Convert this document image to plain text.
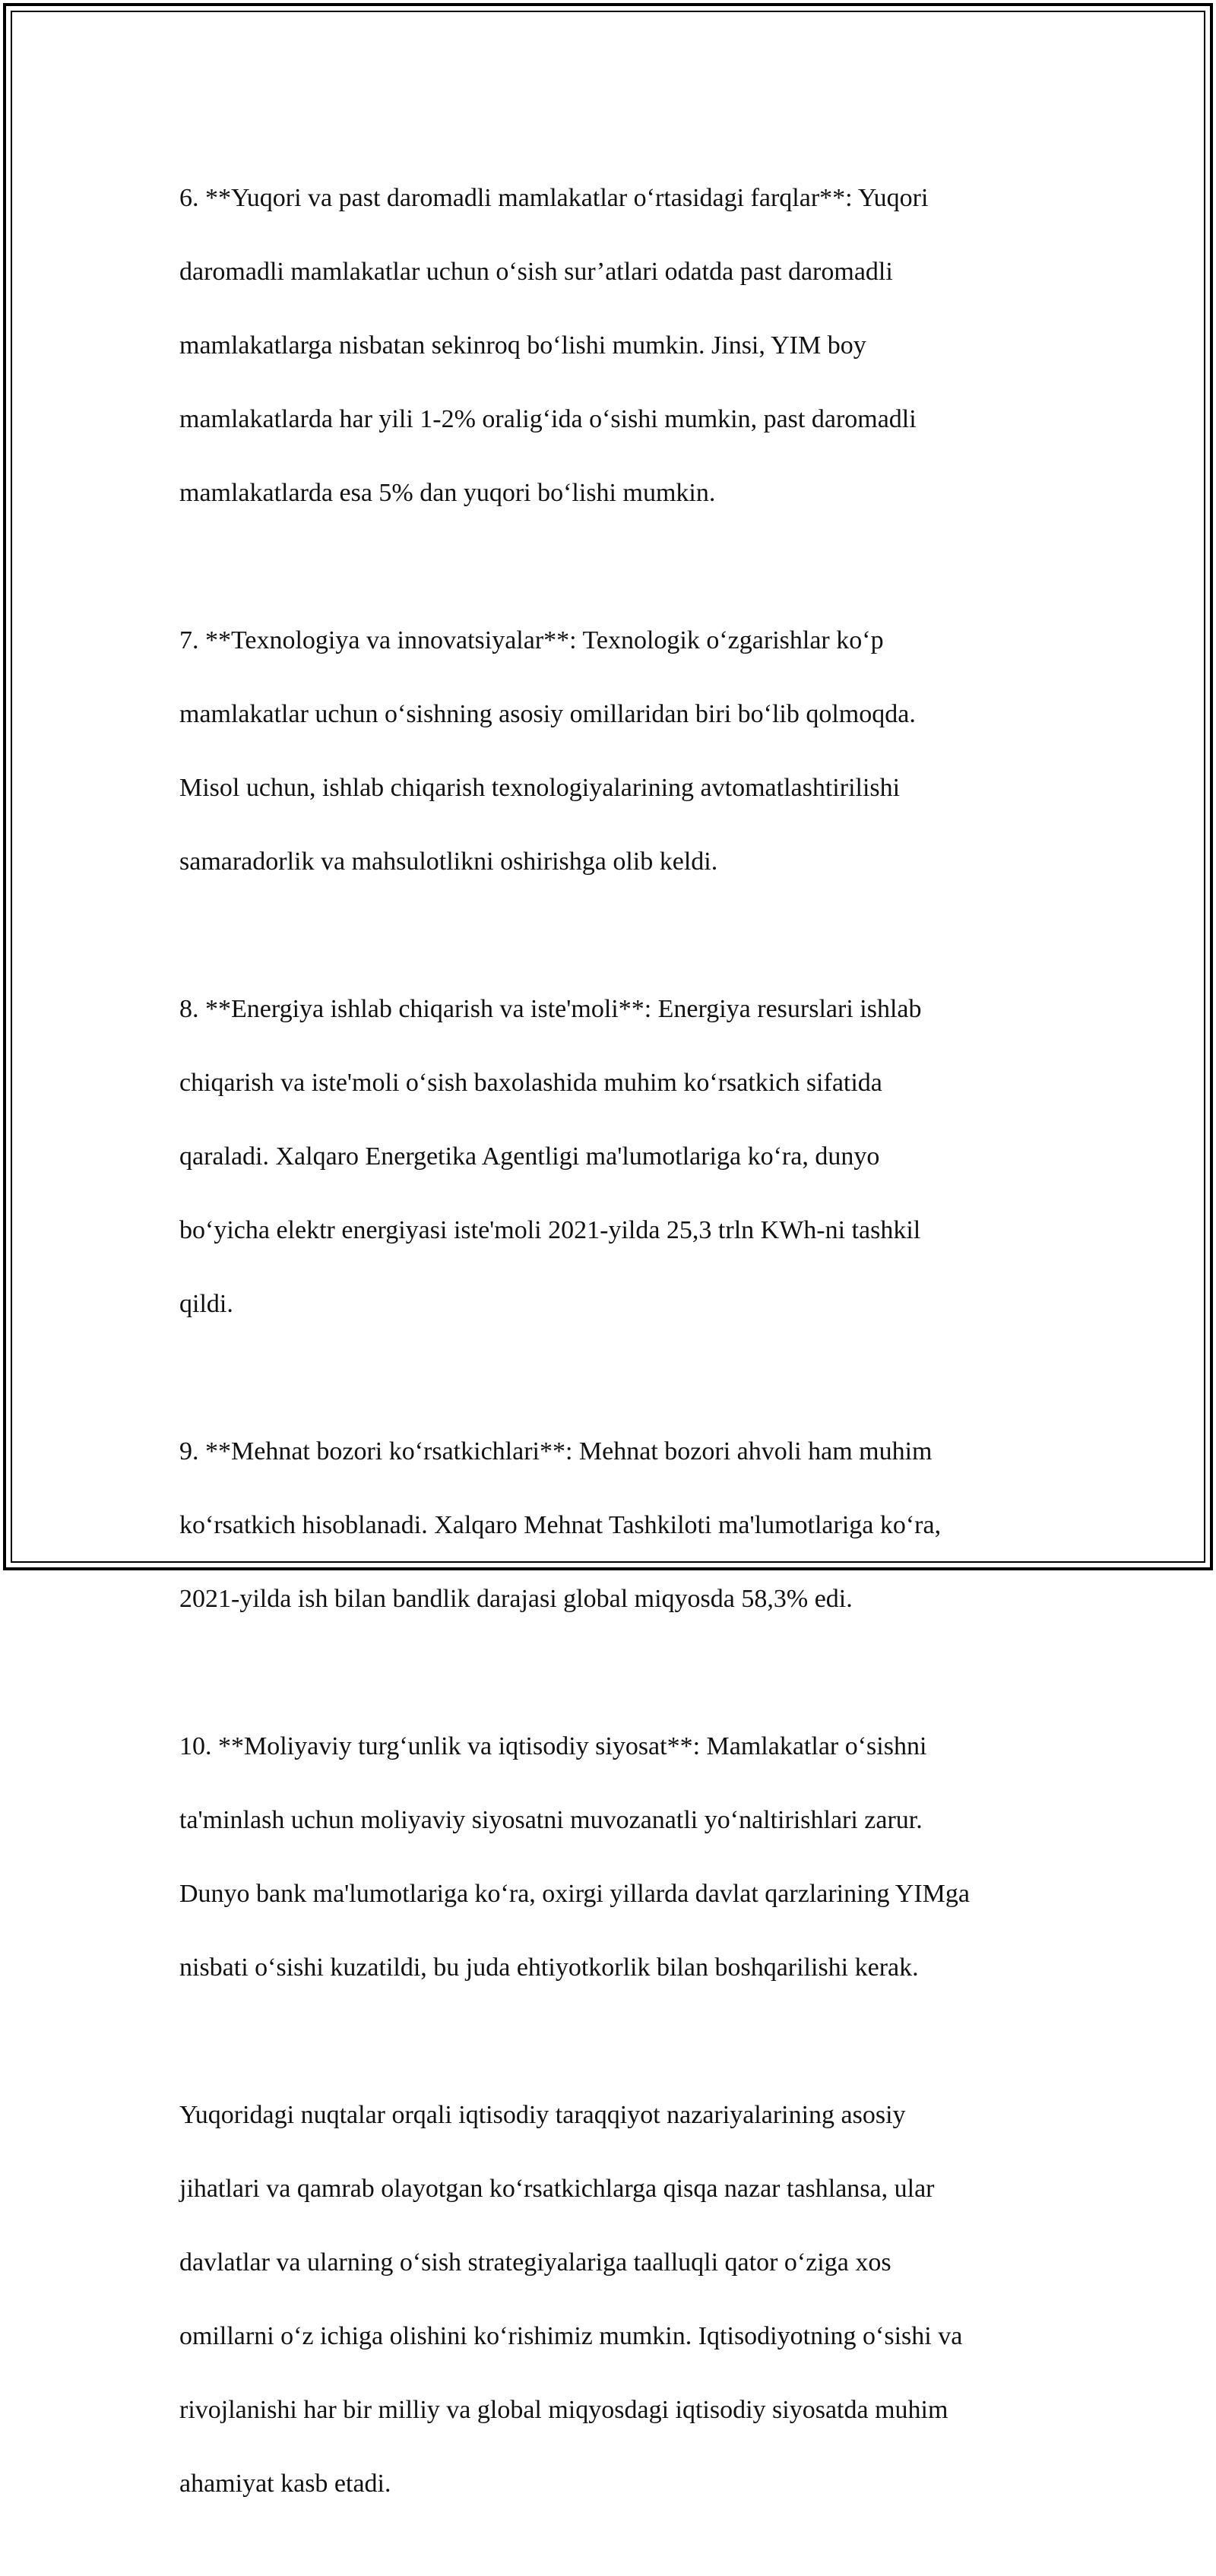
6. **Yuqori va past daromadli mamlakatlar oʻrtasidagi farqlar**: Yuqori

daromadli mamlakatlar uchun oʻsish sur’atlari odatda past daromadli

mamlakatlarga nisbatan sekinroq boʻlishi mumkin. Jinsi, YIM boy

mamlakatlarda har yili 1-2% oraligʻida oʻsishi mumkin, past daromadli

mamlakatlarda esa 5% dan yuqori boʻlishi mumkin.

7. **Texnologiya va innovatsiyalar**: Texnologik oʻzgarishlar koʻp

mamlakatlar uchun oʻsishning asosiy omillaridan biri boʻlib qolmoqda.

Misol uchun, ishlab chiqarish texnologiyalarining avtomatlashtirilishi

samaradorlik va mahsulotlikni oshirishga olib keldi.

8. **Energiya ishlab chiqarish va iste'moli**: Energiya resurslari ishlab

chiqarish va iste'moli oʻsish baxolashida muhim koʻrsatkich sifatida

qaraladi. Xalqaro Energetika Agentligi ma'lumotlariga koʻra, dunyo

boʻyicha elektr energiyasi iste'moli 2021-yilda 25,3 trln KWh-ni tashkil

qildi.

9. **Mehnat bozori koʻrsatkichlari**: Mehnat bozori ahvoli ham muhim

koʻrsatkich hisoblanadi. Xalqaro Mehnat Tashkiloti ma'lumotlariga koʻra,

2021-yilda ish bilan bandlik darajasi global miqyosda 58,3% edi.

10. **Moliyaviy turgʻunlik va iqtisodiy siyosat**: Mamlakatlar oʻsishni

ta'minlash uchun moliyaviy siyosatni muvozanatli yoʻnaltirishlari zarur.

Dunyo bank ma'lumotlariga koʻra, oxirgi yillarda davlat qarzlarining YIMga

nisbati oʻsishi kuzatildi, bu juda ehtiyotkorlik bilan boshqarilishi kerak.

Yuqoridagi nuqtalar orqali iqtisodiy taraqqiyot nazariyalarining asosiy

jihatlari va qamrab olayotgan koʻrsatkichlarga qisqa nazar tashlansa, ular

davlatlar va ularning oʻsish strategiyalariga taalluqli qator oʻziga xos

omillarni oʻz ichiga olishini koʻrishimiz mumkin. Iqtisodiyotning oʻsishi va

rivojlanishi har bir milliy va global miqyosdagi iqtisodiy siyosatda muhim

ahamiyat kasb etadi.
